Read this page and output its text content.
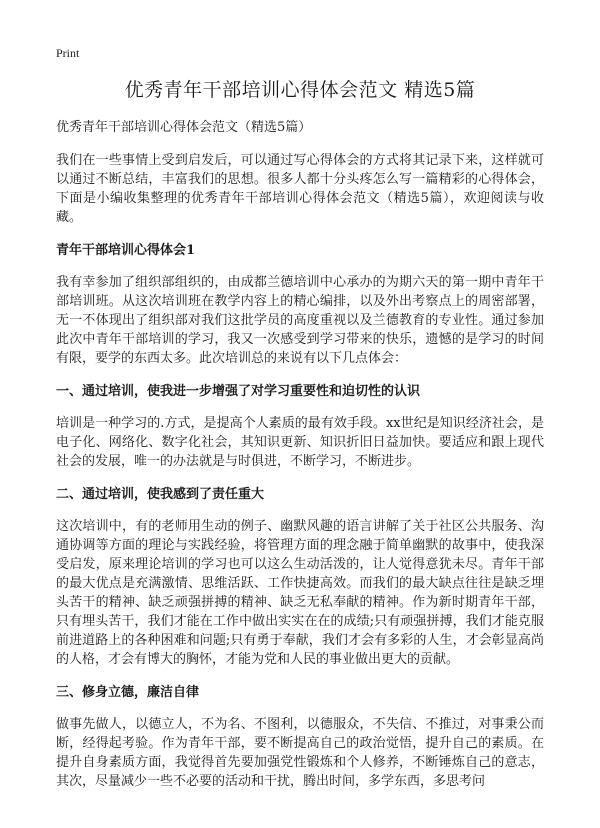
Print
优秀青年干部培训心得体会范文 精选5篇

优秀青年干部培训心得体会范文（精选5篇）

我们在一些事情上受到启发后，可以通过写心得体会的方式将其记录下来，这样就可以通过不断总结，丰富我们的思想。很多人都十分头疼怎么写一篇精彩的心得体会，下面是小编收集整理的优秀青年干部培训心得体会范文（精选5篇），欢迎阅读与收藏。

青年干部培训心得体会1

我有幸参加了组织部组织的，由成都兰德培训中心承办的为期六天的第一期中青年干部培训班。从这次培训班在教学内容上的精心编排，以及外出考察点上的周密部署，无一不体现出了组织部对我们这批学员的高度重视以及兰德教育的专业性。通过参加此次中青年干部培训的学习，我又一次感受到学习带来的快乐，遗憾的是学习的时间有限，要学的东西太多。此次培训总的来说有以下几点体会：

一、通过培训，使我进一步增强了对学习重要性和迫切性的认识

培训是一种学习的.方式，是提高个人素质的最有效手段。xx世纪是知识经济社会，是电子化、网络化、数字化社会，其知识更新、知识折旧日益加快。要适应和跟上现代社会的发展，唯一的办法就是与时俱进，不断学习，不断进步。

二、通过培训，使我感到了责任重大

这次培训中，有的老师用生动的例子、幽默风趣的语言讲解了关于社区公共服务、沟通协调等方面的理论与实践经验，将管理方面的理念融于简单幽默的故事中，使我深受启发，原来理论培训的学习也可以这么生动活泼的，让人觉得意犹未尽。青年干部的最大优点是充满激情、思维活跃、工作快捷高效。而我们的最大缺点往往是缺乏埋头苦干的精神、缺乏顽强拼搏的精神、缺乏无私奉献的精神。作为新时期青年干部，只有埋头苦干，我们才能在工作中做出实实在在的成绩;只有顽强拼搏，我们才能克服前进道路上的各种困难和问题;只有勇于奉献，我们才会有多彩的人生，才会彰显高尚的人格，才会有博大的胸怀，才能为党和人民的事业做出更大的贡献。

三、修身立德，廉洁自律

做事先做人，以德立人，不为名、不图利，以德服众，不失信、不推过，对事秉公而断，经得起考验。作为青年干部，要不断提高自己的政治觉悟，提升自己的素质。在提升自身素质方面，我觉得首先要加强党性锻炼和个人修养，不断锤炼自己的意志，其次，尽量减少一些不必要的活动和干扰，腾出时间，多学东西，多思考问
